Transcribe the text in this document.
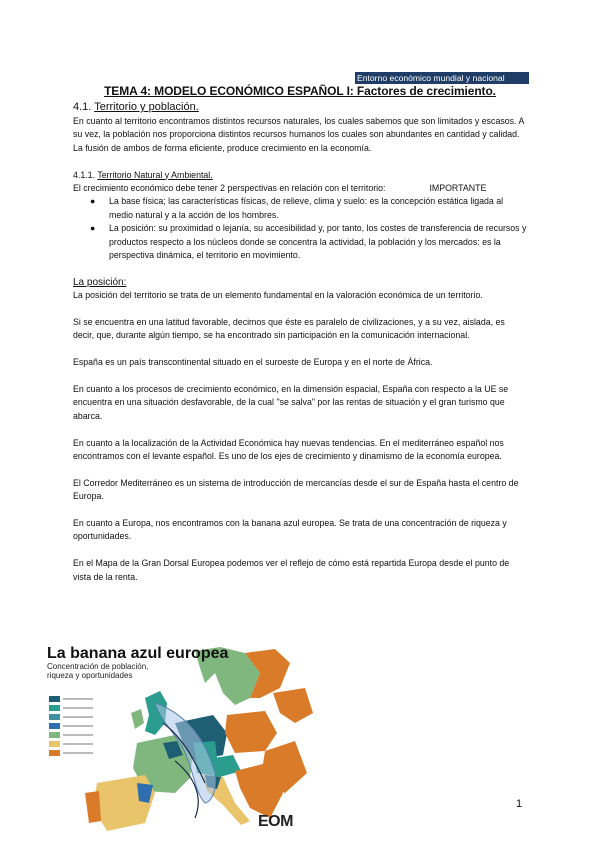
Entorno económico mundial y nacional
TEMA 4: MODELO ECONÓMICO ESPAÑOL I: Factores de crecimiento.

4.1. Territorio y población.

En cuanto al territorio encontramos distintos recursos naturales, los cuales sabemos que son limitados y escasos. A su vez, la población nos proporciona distintos recursos humanos los cuales son abundantes en cantidad y calidad. La fusión de ambos de forma eficiente, produce crecimiento en la economía.

4.1.1. Territorio Natural y Ambiental.

El crecimiento económico debe tener 2 perspectivas en relación con el territorio:	IMPORTANTE

● La base física; las características físicas, de relieve, clima y suelo: es la concepción estática ligada al medio natural y a la acción de los hombres.
● La posición: su proximidad o lejanía, su accesibilidad y, por tanto, los costes de transferencia de recursos y productos respecto a los núcleos donde se concentra la actividad, la población y los mercados: es la perspectiva dinámica, el territorio en movimiento.

La posición:

La posición del territorio se trata de un elemento fundamental en la valoración económica de un territorio.

Si se encuentra en una latitud favorable, decimos que éste es paralelo de civilizaciones, y a su vez, aislada, es decir, que, durante algún tiempo, se ha encontrado sin participación en la comunicación internacional.

España es un país transcontinental situado en el suroeste de Europa y en el norte de África.

En cuanto a los procesos de crecimiento económico, en la dimensión espacial, España con respecto a la UE se encuentra en una situación desfavorable, de la cual "se salva" por las rentas de situación y el gran turismo que abarca.

En cuanto a la localización de la Actividad Económica hay nuevas tendencias. En el mediterráneo español nos encontramos con el levante español. Es uno de los ejes de crecimiento y dinamismo de la economía europea.

El Corredor Mediterráneo es un sistema de introducción de mercancías desde el sur de España hasta el centro de Europa.

En cuanto a Europa, nos encontramos con la banana azul europea. Se trata de una concentración de riqueza y oportunidades.

En el Mapa de la Gran Dorsal Europea podemos ver el reflejo de cómo está repartida Europa desde el punto de vista de la renta.

La banana azul europea
Concentración de población, riqueza y oportunidades
EOM
1
